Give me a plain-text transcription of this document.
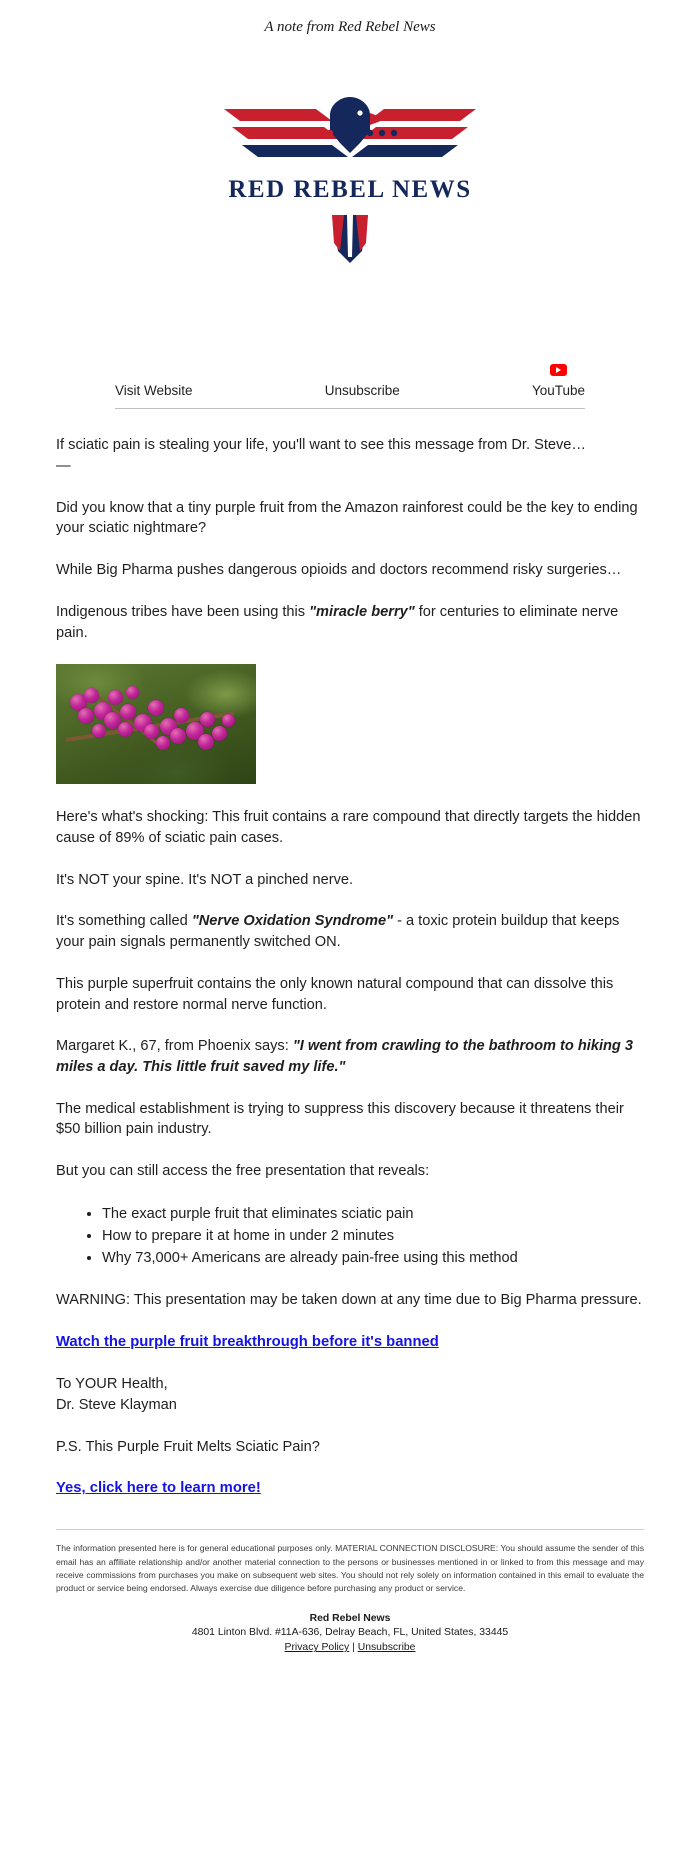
A note from Red Rebel News
RED REBEL NEWS
Visit Website	Unsubscribe	YouTube

If sciatic pain is stealing your life, you'll want to see this message from Dr. Steve…
—

Did you know that a tiny purple fruit from the Amazon rainforest could be the key to ending your sciatic nightmare?

While Big Pharma pushes dangerous opioids and doctors recommend risky surgeries…

Indigenous tribes have been using this "miracle berry" for centuries to eliminate nerve pain.

Here's what's shocking: This fruit contains a rare compound that directly targets the hidden cause of 89% of sciatic pain cases.

It's NOT your spine. It's NOT a pinched nerve.

It's something called "Nerve Oxidation Syndrome" - a toxic protein buildup that keeps your pain signals permanently switched ON.

This purple superfruit contains the only known natural compound that can dissolve this protein and restore normal nerve function.

Margaret K., 67, from Phoenix says: "I went from crawling to the bathroom to hiking 3 miles a day. This little fruit saved my life."

The medical establishment is trying to suppress this discovery because it threatens their $50 billion pain industry.

But you can still access the free presentation that reveals:

• The exact purple fruit that eliminates sciatic pain
• How to prepare it at home in under 2 minutes
• Why 73,000+ Americans are already pain-free using this method

WARNING: This presentation may be taken down at any time due to Big Pharma pressure.

Watch the purple fruit breakthrough before it's banned

To YOUR Health,
Dr. Steve Klayman

P.S. This Purple Fruit Melts Sciatic Pain?

Yes, click here to learn more!

The information presented here is for general educational purposes only. MATERIAL CONNECTION DISCLOSURE: You should assume the sender of this email has an affiliate relationship and/or another material connection to the persons or businesses mentioned in or linked to from this message and may receive commissions from purchases you make on subsequent web sites. You should not rely solely on information contained in this email to evaluate the product or service being endorsed. Always exercise due diligence before purchasing any product or service.
Red Rebel News
4801 Linton Blvd. #11A-636, Delray Beach, FL, United States, 33445
Privacy Policy | Unsubscribe
